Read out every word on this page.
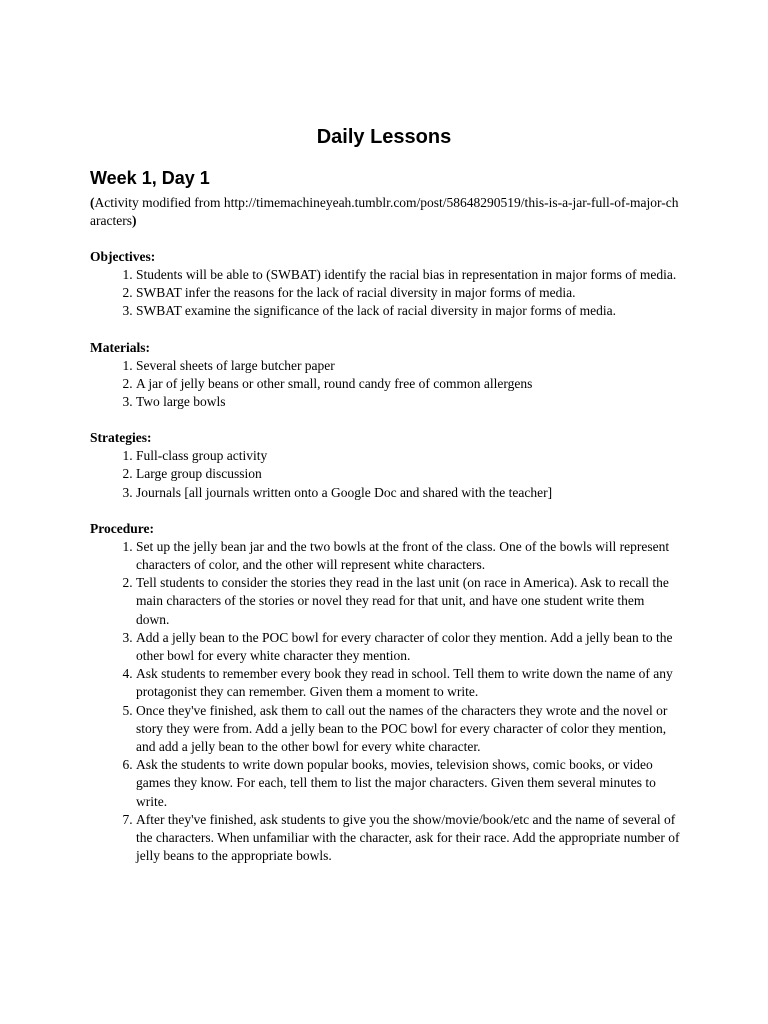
Daily Lessons
Week 1, Day 1

(Activity modified from http://timemachineyeah.tumblr.com/post/58648290519/this-is-a-jar-full-of-major-characters)

Objectives:

1. Students will be able to (SWBAT) identify the racial bias in representation in major forms of media.
2. SWBAT infer the reasons for the lack of racial diversity in major forms of media.
3. SWBAT examine the significance of the lack of racial diversity in major forms of media.

Materials:

1. Several sheets of large butcher paper
2. A jar of jelly beans or other small, round candy free of common allergens
3. Two large bowls

Strategies:

1. Full-class group activity
2. Large group discussion
3. Journals [all journals written onto a Google Doc and shared with the teacher]

Procedure:

1. Set up the jelly bean jar and the two bowls at the front of the class. One of the bowls will represent characters of color, and the other will represent white characters.
2. Tell students to consider the stories they read in the last unit (on race in America). Ask to recall the main characters of the stories or novel they read for that unit, and have one student write them down.
3. Add a jelly bean to the POC bowl for every character of color they mention. Add a jelly bean to the other bowl for every white character they mention.
4. Ask students to remember every book they read in school. Tell them to write down the name of any protagonist they can remember. Given them a moment to write.
5. Once they've finished, ask them to call out the names of the characters they wrote and the novel or story they were from. Add a jelly bean to the POC bowl for every character of color they mention, and add a jelly bean to the other bowl for every white character.
6. Ask the students to write down popular books, movies, television shows, comic books, or video games they know. For each, tell them to list the major characters. Given them several minutes to write.
7. After they've finished, ask students to give you the show/movie/book/etc and the name of several of the characters. When unfamiliar with the character, ask for their race. Add the appropriate number of jelly beans to the appropriate bowls.
